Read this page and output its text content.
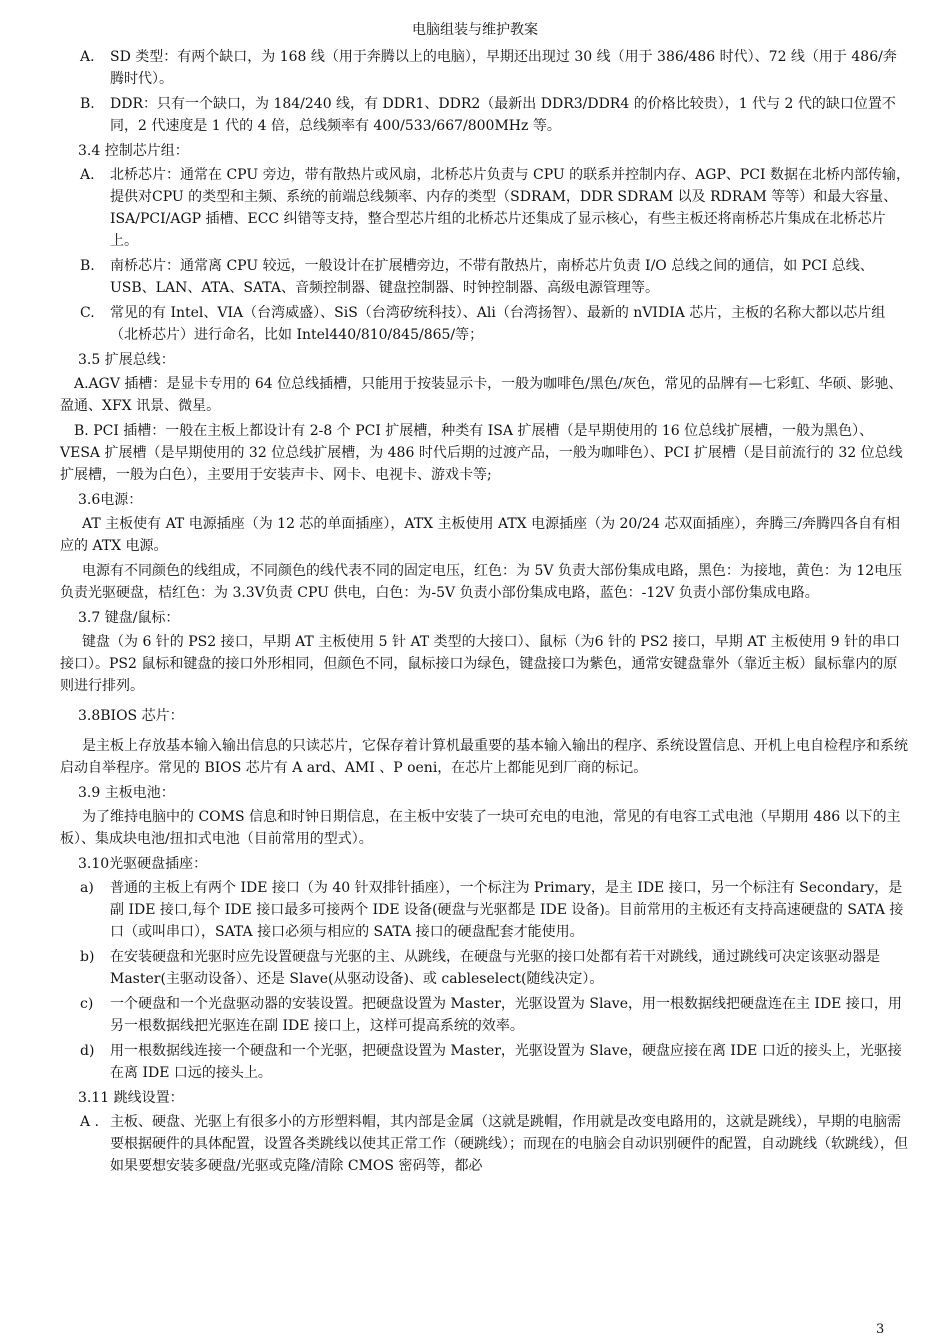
电脑组装与维护教案
A. SD 类型：有两个缺口，为 168 线（用于奔腾以上的电脑），早期还出现过 30 线（用于 386/486 时代）、72 线（用于 486/奔腾时代）。
B. DDR：只有一个缺口，为 184/240 线，有 DDR1、DDR2（最新出 DDR3/DDR4 的价格比较贵），1 代与 2 代的缺口位置不同，2 代速度是 1 代的 4 倍，总线频率有 400/533/667/800MHz 等。
3.4 控制芯片组：
A. 北桥芯片：通常在 CPU 旁边，带有散热片或风扇，北桥芯片负责与 CPU 的联系并控制内存、AGP、PCI 数据在北桥内部传输，提供对CPU 的类型和主频、系统的前端总线频率、内存的类型（SDRAM，DDR SDRAM 以及 RDRAM 等等）和最大容量、ISA/PCI/AGP 插槽、ECC 纠错等支持，整合型芯片组的北桥芯片还集成了显示核心，有些主板还将南桥芯片集成在北桥芯片上。
B. 南桥芯片：通常离 CPU 较远，一般设计在扩展槽旁边，不带有散热片，南桥芯片负责 I/O 总线之间的通信，如 PCI 总线、USB、LAN、ATA、SATA、音频控制器、键盘控制器、时钟控制器、高级电源管理等。
C. 常见的有 Intel、VIA（台湾威盛）、SiS（台湾矽统科技）、Ali（台湾扬智）、最新的 nVIDIA 芯片，主板的名称大都以芯片组（北桥芯片）进行命名，比如 Intel440/810/845/865/等；
3.5 扩展总线：
A.AGV 插槽：是显卡专用的 64 位总线插槽，只能用于按装显示卡，一般为咖啡色/黑色/灰色，常见的品牌有—七彩虹、华硕、影驰、盈通、XFX 讯景、微星。
B. PCI 插槽：一般在主板上都设计有 2-8 个 PCI 扩展槽，种类有 ISA 扩展槽（是早期使用的 16 位总线扩展槽，一般为黑色）、VESA 扩展槽（是早期使用的 32 位总线扩展槽，为 486 时代后期的过渡产品，一般为咖啡色）、PCI 扩展槽（是目前流行的 32 位总线扩展槽，一般为白色），主要用于安装声卡、网卡、电视卡、游戏卡等;
3.6电源：
AT 主板使有 AT 电源插座（为 12 芯的单面插座），ATX 主板使用 ATX 电源插座（为 20/24 芯双面插座），奔腾三/奔腾四各自有相应的 ATX 电源。
电源有不同颜色的线组成，不同颜色的线代表不同的固定电压，红色：为 5V 负责大部份集成电路，黑色：为接地，黄色：为 12电压负责光驱硬盘，桔红色：为 3.3V负责 CPU 供电，白色：为-5V 负责小部份集成电路，蓝色：-12V 负责小部份集成电路。
3.7 键盘/鼠标：
键盘（为 6 针的 PS2 接口，早期 AT 主板使用 5 针 AT 类型的大接口）、鼠标（为6 针的 PS2 接口，早期 AT 主板使用 9 针的串口接口）。PS2 鼠标和键盘的接口外形相同，但颜色不同，鼠标接口为绿色，键盘接口为紫色，通常安键盘靠外（靠近主板）鼠标靠内的原则进行排列。
3.8BIOS 芯片：
是主板上存放基本输入输出信息的只读芯片，它保存着计算机最重要的基本输入输出的程序、系统设置信息、开机上电自检程序和系统启动自举程序。常见的 BIOS 芯片有 A ard、AMI 、P oeni，在芯片上都能见到厂商的标记。
3.9 主板电池：
为了维持电脑中的 COMS 信息和时钟日期信息，在主板中安装了一块可充电的电池，常见的有电容工式电池（早期用 486 以下的主板）、集成块电池/扭扣式电池（目前常用的型式）。
3.10光驱硬盘插座：
a) 普通的主板上有两个 IDE 接口（为 40 针双排针插座），一个标注为 Primary，是主 IDE 接口，另一个标注有 Secondary，是副 IDE 接口,每个 IDE 接口最多可接两个 IDE 设备(硬盘与光驱都是 IDE 设备)。目前常用的主板还有支持高速硬盘的 SATA 接口（或叫串口），SATA 接口必须与相应的 SATA 接口的硬盘配套才能使用。
b) 在安装硬盘和光驱时应先设置硬盘与光驱的主、从跳线，在硬盘与光驱的接口处都有若干对跳线，通过跳线可决定该驱动器是 Master(主驱动设备）、还是 Slave(从驱动设备)、或 cableselect(随线决定）。
c) 一个硬盘和一个光盘驱动器的安装设置。把硬盘设置为 Master，光驱设置为 Slave，用一根数据线把硬盘连在主 IDE 接口，用另一根数据线把光驱连在副 IDE 接口上，这样可提高系统的效率。
d) 用一根数据线连接一个硬盘和一个光驱，把硬盘设置为 Master，光驱设置为 Slave，硬盘应接在离 IDE 口近的接头上，光驱接在离 IDE 口远的接头上。
3.11 跳线设置：
A . 主板、硬盘、光驱上有很多小的方形塑料帽，其内部是金属（这就是跳帽，作用就是改变电路用的，这就是跳线），早期的电脑需要根据硬件的具体配置，设置各类跳线以使其正常工作（硬跳线）；而现在的电脑会自动识别硬件的配置，自动跳线（软跳线），但如果要想安装多硬盘/光驱或克隆/清除 CMOS 密码等，都必
3
